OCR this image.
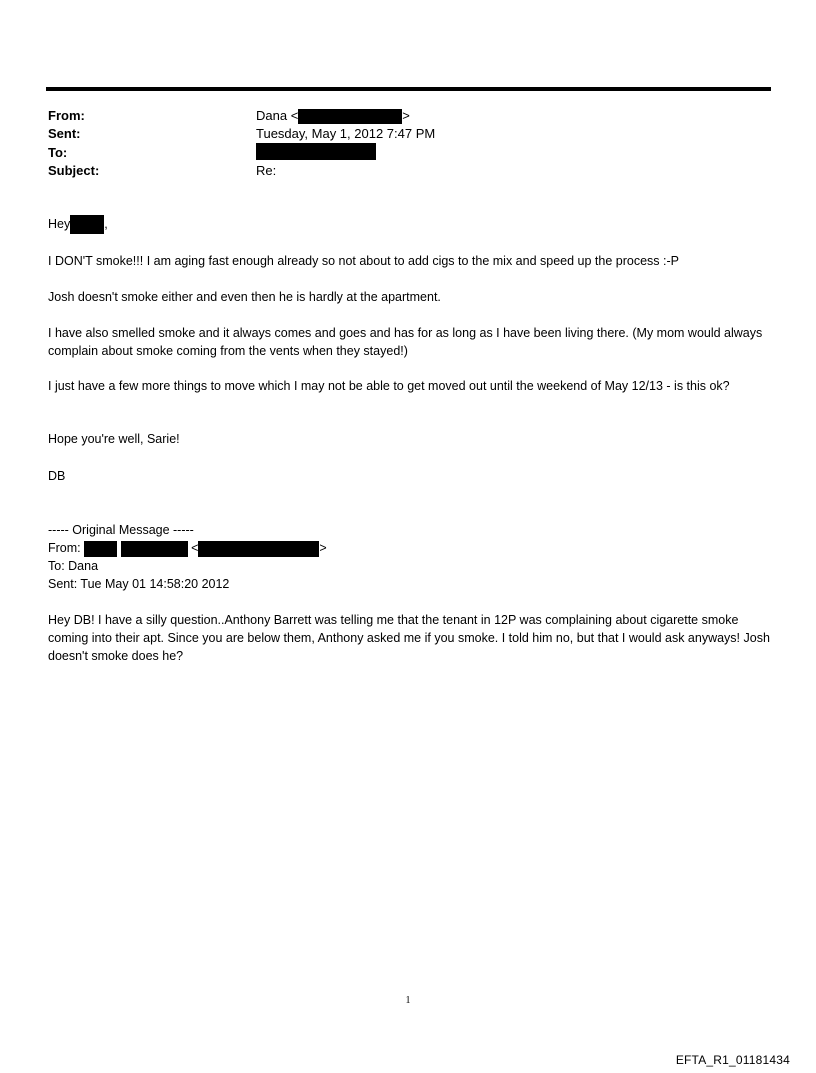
From:	Dana <	>
Sent:	Tuesday, May 1, 2012 7:47 PM
To:
Subject:	Re:
Hey	,
I DON'T smoke!!! I am aging fast enough already so not about to add cigs to the mix and speed up the process :-P
Josh doesn't smoke either and even then he is hardly at the apartment.
I have also smelled smoke and it always comes and goes and has for as long as I have been living there. (My mom would always complain about smoke coming from the vents when they stayed!)
I just have a few more things to move which I may not be able to get moved out until the weekend of May 12/13 - is this ok?
Hope you're well, Sarie!
DB
----- Original Message -----
From:	<	>
To: Dana
Sent: Tue May 01 14:58:20 2012
Hey DB! I have a silly question..Anthony Barrett was telling me that the tenant in 12P was complaining about cigarette smoke coming into their apt. Since you are below them, Anthony asked me if you smoke. I told him no, but that I would ask anyways! Josh doesn't smoke does he?
1
EFTA_R1_01181434
